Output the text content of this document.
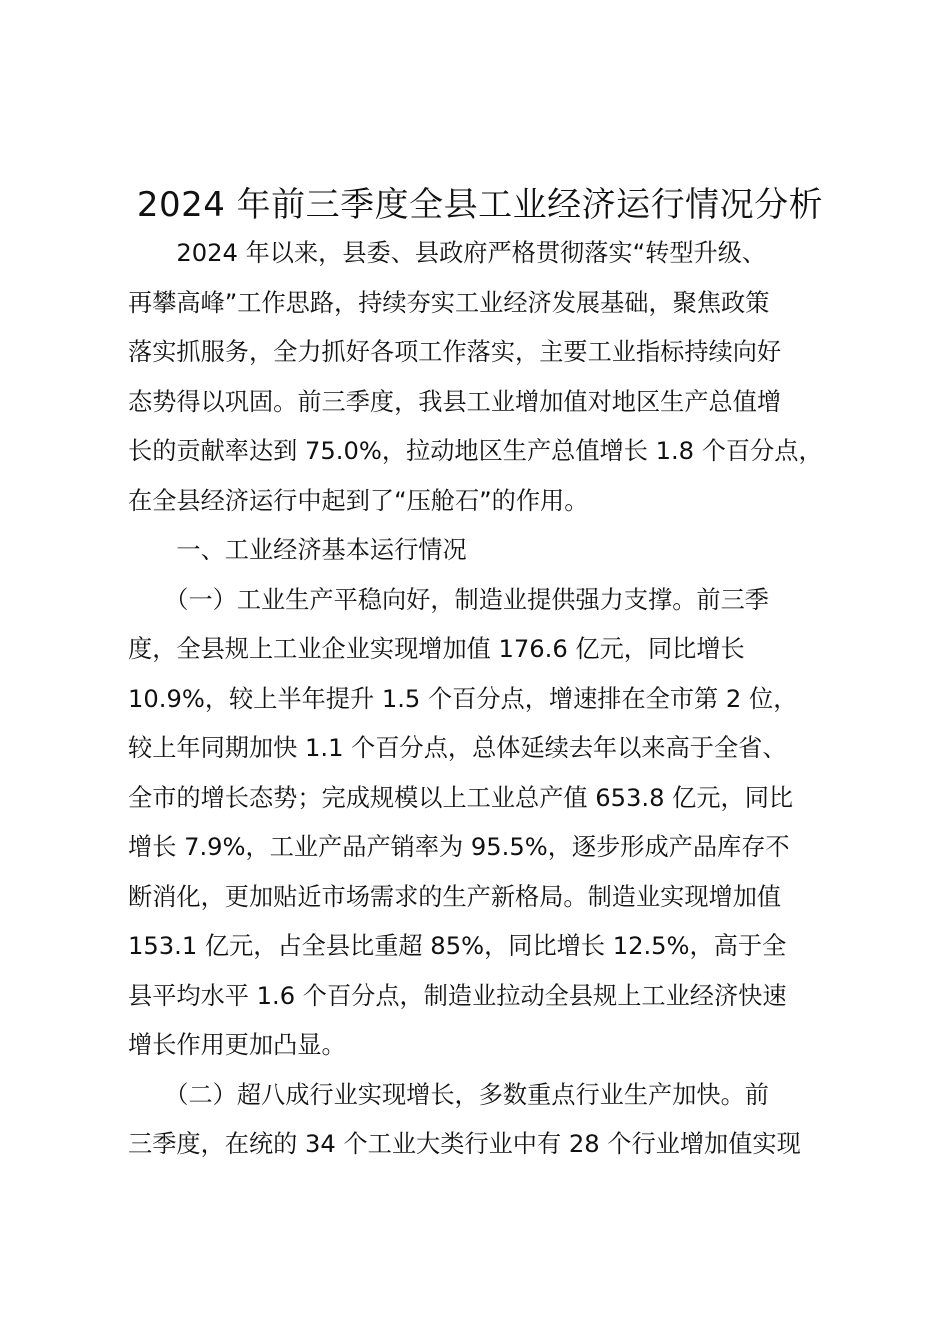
2024 年前三季度全县工业经济运行情况分析

　　2024 年以来，县委、县政府严格贯彻落实“转型升级、
再攀高峰”工作思路，持续夯实工业经济发展基础，聚焦政策
落实抓服务，全力抓好各项工作落实，主要工业指标持续向好
态势得以巩固。前三季度，我县工业增加值对地区生产总值增
长的贡献率达到 75.0%，拉动地区生产总值增长 1.8 个百分点，
在全县经济运行中起到了“压舱石”的作用。

　　一、工业经济基本运行情况

　　（一）工业生产平稳向好，制造业提供强力支撑。前三季
度，全县规上工业企业实现增加值 176.6 亿元，同比增长
10.9%，较上半年提升 1.5 个百分点，增速排在全市第 2 位，
较上年同期加快 1.1 个百分点，总体延续去年以来高于全省、
全市的增长态势；完成规模以上工业总产值 653.8 亿元，同比
增长 7.9%，工业产品产销率为 95.5%，逐步形成产品库存不
断消化，更加贴近市场需求的生产新格局。制造业实现增加值
153.1 亿元，占全县比重超 85%，同比增长 12.5%，高于全
县平均水平 1.6 个百分点，制造业拉动全县规上工业经济快速
增长作用更加凸显。

　　（二）超八成行业实现增长，多数重点行业生产加快。前
三季度，在统的 34 个工业大类行业中有 28 个行业增加值实现
